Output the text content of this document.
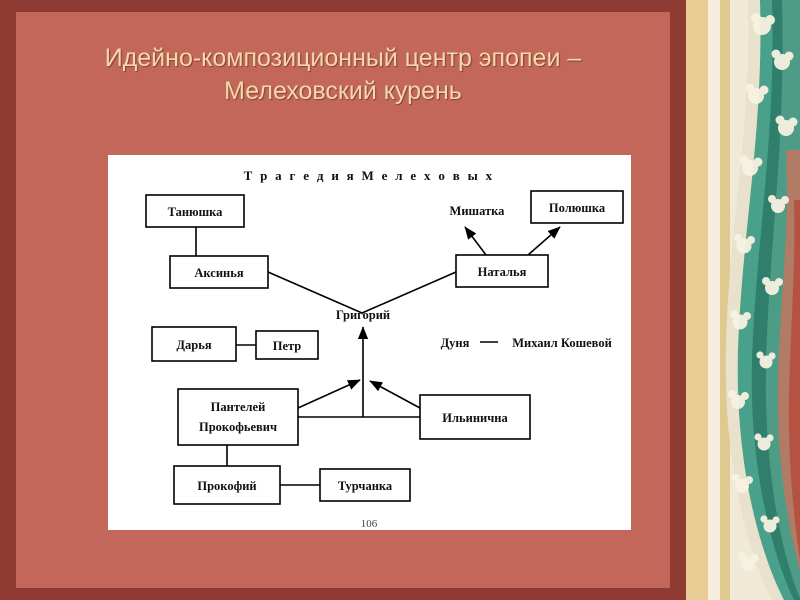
Идейно-композиционный центр эпопеи – Мелеховский курень
Т р а г е д и я М е л е х о в ы х
Танюшка
Аксинья
Мишатка	Полюшка
Наталья
Григорий
Дарья	Петр	Дуня	Михаил Кошевой
Пантелей
Прокофьевич
Ильинична
Прокофий	Турчанка
106
